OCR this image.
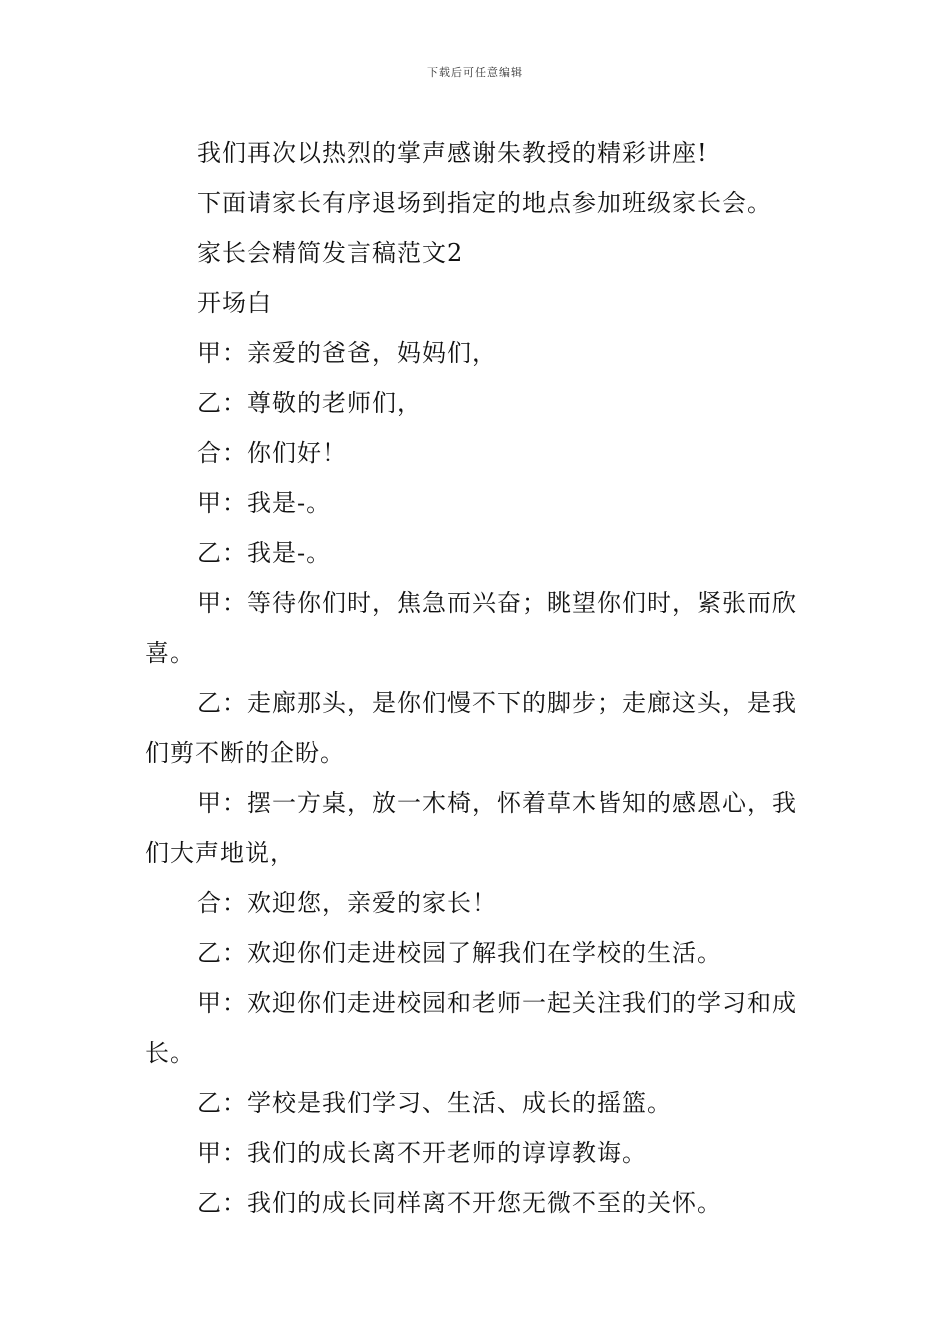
下载后可任意编辑

我们再次以热烈的掌声感谢朱教授的精彩讲座!

下面请家长有序退场到指定的地点参加班级家长会。

家长会精简发言稿范文2

开场白

甲：亲爱的爸爸，妈妈们，

乙：尊敬的老师们，

合：你们好！

甲：我是-。

乙：我是-。

甲：等待你们时，焦急而兴奋；眺望你们时，紧张而欣喜。

乙：走廊那头，是你们慢不下的脚步；走廊这头，是我们剪不断的企盼。

甲：摆一方桌，放一木椅，怀着草木皆知的感恩心，我们大声地说，

合：欢迎您，亲爱的家长！

乙：欢迎你们走进校园了解我们在学校的生活。

甲：欢迎你们走进校园和老师一起关注我们的学习和成长。

乙：学校是我们学习、生活、成长的摇篮。

甲：我们的成长离不开老师的谆谆教诲。

乙：我们的成长同样离不开您无微不至的关怀。
